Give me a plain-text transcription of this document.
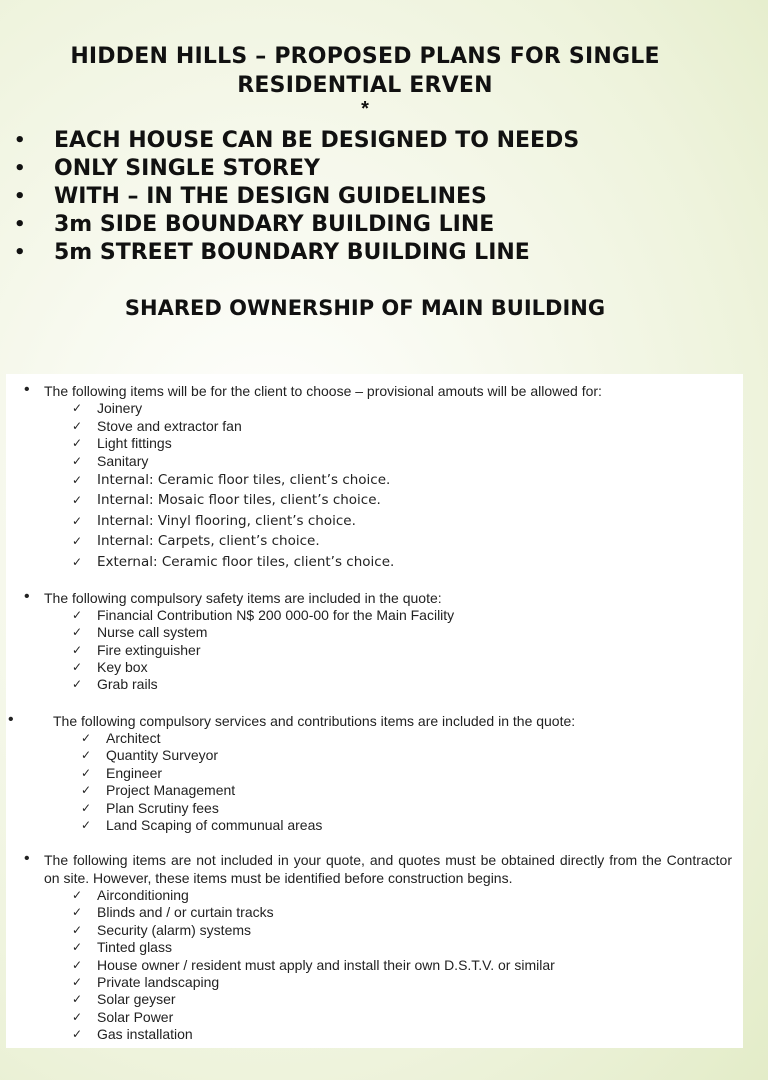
HIDDEN HILLS – PROPOSED PLANS FOR SINGLE
RESIDENTIAL ERVEN
*
• EACH HOUSE CAN BE DESIGNED TO NEEDS
• ONLY SINGLE STOREY
• WITH – IN THE DESIGN GUIDELINES
• 3m SIDE BOUNDARY BUILDING LINE
• 5m STREET BOUNDARY BUILDING LINE
SHARED OWNERSHIP OF MAIN BUILDING
• The following items will be for the client to choose – provisional amouts will be allowed for:
✓ Joinery
✓ Stove and extractor fan
✓ Light fittings
✓ Sanitary
✓ Internal: Ceramic floor tiles, client’s choice.
✓ Internal: Mosaic floor tiles, client’s choice.
✓ Internal: Vinyl flooring, client’s choice.
✓ Internal: Carpets, client’s choice.
✓ External: Ceramic floor tiles, client’s choice.
• The following compulsory safety items are included in the quote:
✓ Financial Contribution N$ 200 000-00 for the Main Facility
✓ Nurse call system
✓ Fire extinguisher
✓ Key box
✓ Grab rails
•	The following compulsory services and contributions items are included in the quote:
✓ Architect
✓ Quantity Surveyor
✓ Engineer
✓ Project Management
✓ Plan Scrutiny fees
✓ Land Scaping of communual areas
• The following items are not included in your quote, and quotes must be obtained directly from the Contractor on site. However, these items must be identified before construction begins.
✓ Airconditioning
✓ Blinds and / or curtain tracks
✓ Security (alarm) systems
✓ Tinted glass
✓ House owner / resident must apply and install their own D.S.T.V. or similar
✓ Private landscaping
✓ Solar geyser
✓ Solar Power
✓ Gas installation
